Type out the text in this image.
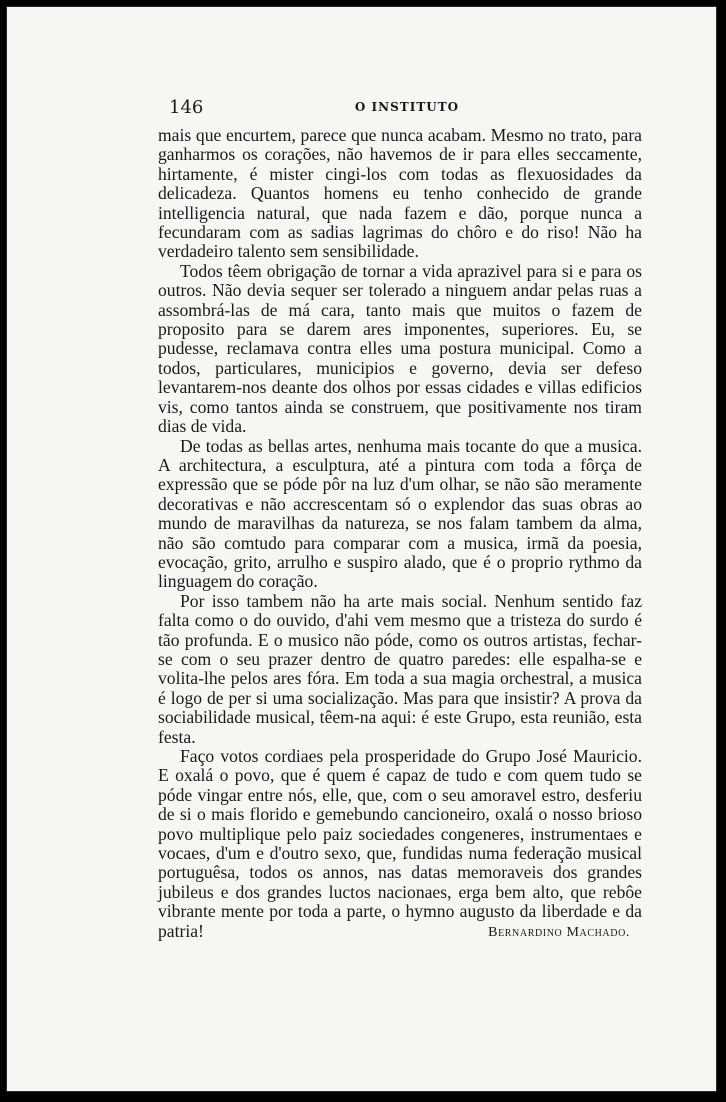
146	O INSTITUTO

mais que encurtem, parece que nunca acabam. Mesmo no trato, para ganharmos os corações, não havemos de ir para elles seccamente, hirtamente, é mister cingi-los com todas as flexuosidades da delicadeza. Quantos homens eu tenho conhecido de grande intelligencia natural, que nada fazem e dão, porque nunca a fecundaram com as sadias lagrimas do chôro e do riso! Não ha verdadeiro talento sem sensibilidade.

Todos têem obrigação de tornar a vida aprazivel para si e para os outros. Não devia sequer ser tolerado a ninguem andar pelas ruas a assombrá-las de má cara, tanto mais que muitos o fazem de proposito para se darem ares imponentes, superiores. Eu, se pudesse, reclamava contra elles uma postura municipal. Como a todos, particulares, municipios e governo, devia ser defeso levantarem-nos deante dos olhos por essas cidades e villas edificios vis, como tantos ainda se construem, que positivamente nos tiram dias de vida.

De todas as bellas artes, nenhuma mais tocante do que a musica. A architectura, a esculptura, até a pintura com toda a fôrça de expressão que se póde pôr na luz d'um olhar, se não são meramente decorativas e não accrescentam só o explendor das suas obras ao mundo de maravilhas da natureza, se nos falam tambem da alma, não são comtudo para comparar com a musica, irmã da poesia, evocação, grito, arrulho e suspiro alado, que é o proprio rythmo da linguagem do coração.

Por isso tambem não ha arte mais social. Nenhum sentido faz falta como o do ouvido, d'ahi vem mesmo que a tristeza do surdo é tão profunda. E o musico não póde, como os outros artistas, fechar-se com o seu prazer dentro de quatro paredes: elle espalha-se e volita-lhe pelos ares fóra. Em toda a sua magia orchestral, a musica é logo de per si uma socialização. Mas para que insistir? A prova da sociabilidade musical, têem-na aqui: é este Grupo, esta reunião, esta festa.

Faço votos cordiaes pela prosperidade do Grupo José Mauricio. E oxalá o povo, que é quem é capaz de tudo e com quem tudo se póde vingar entre nós, elle, que, com o seu amoravel estro, desferiu de si o mais florido e gemebundo cancioneiro, oxalá o nosso brioso povo multiplique pelo paiz sociedades congeneres, instrumentaes e vocaes, d'um e d'outro sexo, que, fundidas numa federação musical portuguêsa, todos os annos, nas datas memoraveis dos grandes jubileus e dos grandes luctos nacionaes, erga bem alto, que rebôe vibrante mente por toda a parte, o hymno augusto da liberdade e da patria!	Bernardino Machado.
